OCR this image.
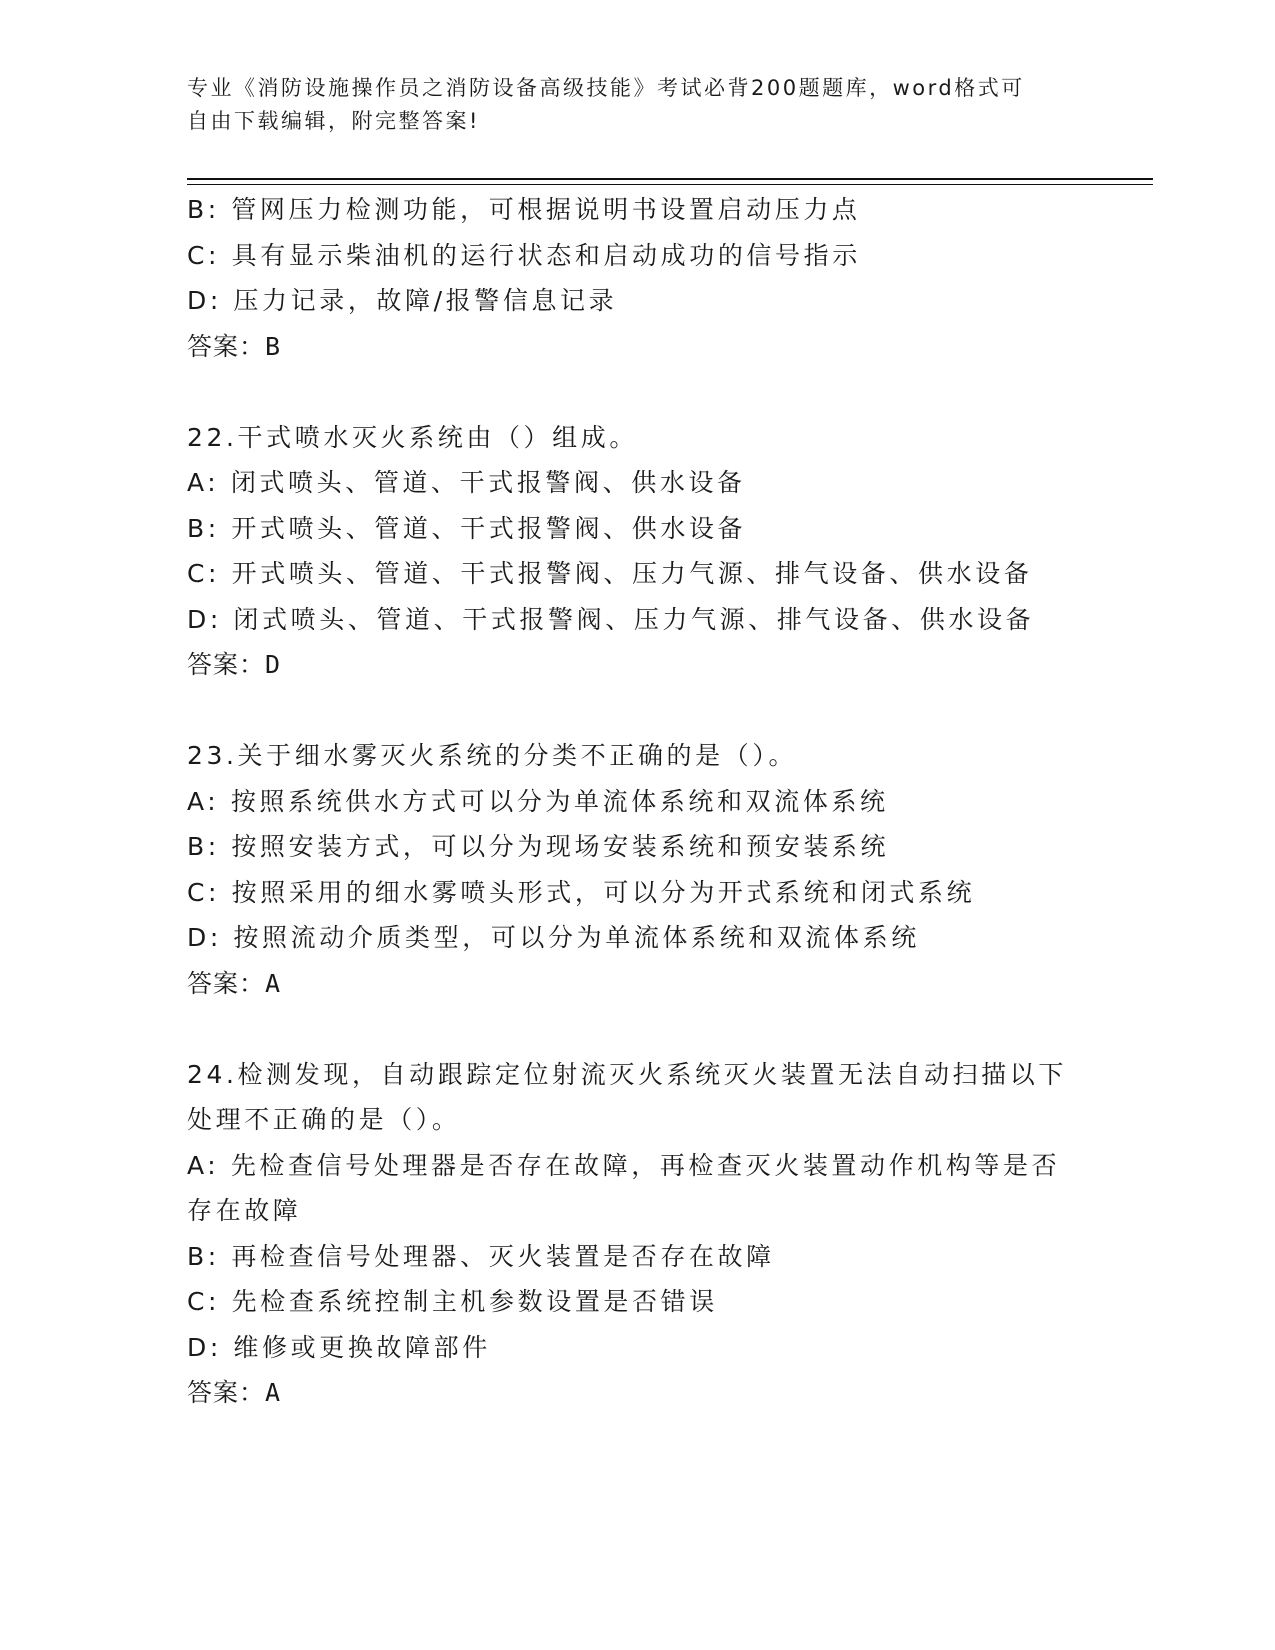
专业《消防设施操作员之消防设备高级技能》考试必背200题题库，word格式可
自由下载编辑，附完整答案!
B: 管网压力检测功能，可根据说明书设置启动压力点
C: 具有显示柴油机的运行状态和启动成功的信号指示
D: 压力记录，故障/报警信息记录
答案：B
22.干式喷水灭火系统由（）组成。
A: 闭式喷头、管道、干式报警阀、供水设备
B: 开式喷头、管道、干式报警阀、供水设备
C: 开式喷头、管道、干式报警阀、压力气源、排气设备、供水设备
D: 闭式喷头、管道、干式报警阀、压力气源、排气设备、供水设备
答案：D
23.关于细水雾灭火系统的分类不正确的是（）。
A: 按照系统供水方式可以分为单流体系统和双流体系统
B: 按照安装方式，可以分为现场安装系统和预安装系统
C: 按照采用的细水雾喷头形式，可以分为开式系统和闭式系统
D: 按照流动介质类型，可以分为单流体系统和双流体系统
答案：A
24.检测发现，自动跟踪定位射流灭火系统灭火装置无法自动扫描以下
处理不正确的是（）。
A: 先检查信号处理器是否存在故障，再检查灭火装置动作机构等是否
存在故障
B: 再检查信号处理器、灭火装置是否存在故障
C: 先检查系统控制主机参数设置是否错误
D: 维修或更换故障部件
答案：A
